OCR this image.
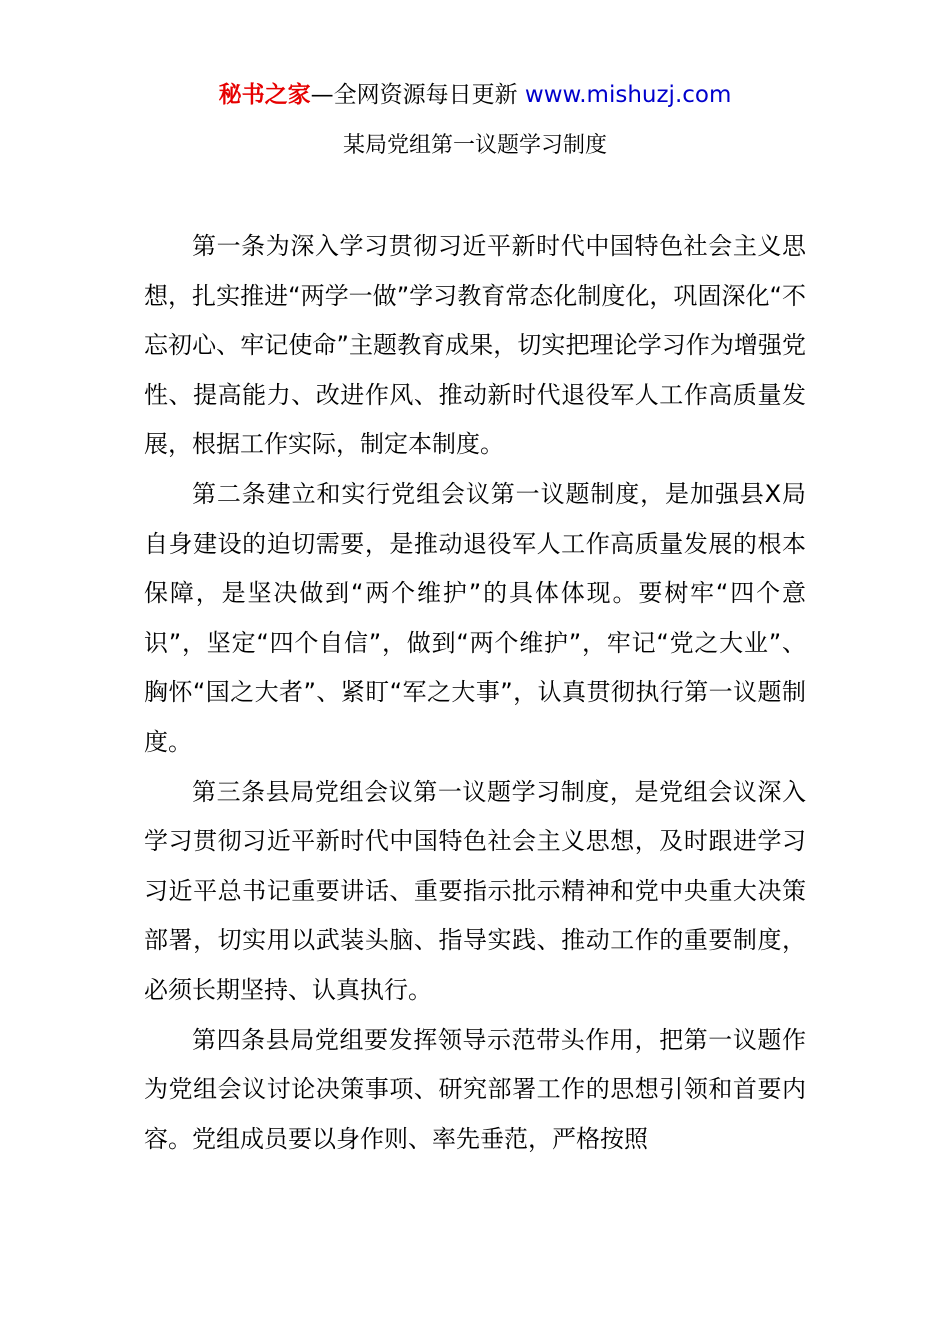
秘书之家—全网资源每日更新 www.mishuzj.com
某局党组第一议题学习制度

第一条为深入学习贯彻习近平新时代中国特色社会主义思想，扎实推进“两学一做”学习教育常态化制度化，巩固深化“不忘初心、牢记使命”主题教育成果，切实把理论学习作为增强党性、提高能力、改进作风、推动新时代退役军人工作高质量发展，根据工作实际，制定本制度。

第二条建立和实行党组会议第一议题制度，是加强县X局自身建设的迫切需要，是推动退役军人工作高质量发展的根本保障，是坚决做到“两个维护”的具体体现。要树牢“四个意识”，坚定“四个自信”，做到“两个维护”，牢记“党之大业”、胸怀“国之大者”、紧盯“军之大事”，认真贯彻执行第一议题制度。

第三条县局党组会议第一议题学习制度，是党组会议深入学习贯彻习近平新时代中国特色社会主义思想，及时跟进学习习近平总书记重要讲话、重要指示批示精神和党中央重大决策部署，切实用以武装头脑、指导实践、推动工作的重要制度，必须长期坚持、认真执行。

第四条县局党组要发挥领导示范带头作用，把第一议题作为党组会议讨论决策事项、研究部署工作的思想引领和首要内容。党组成员要以身作则、率先垂范，严格按照
